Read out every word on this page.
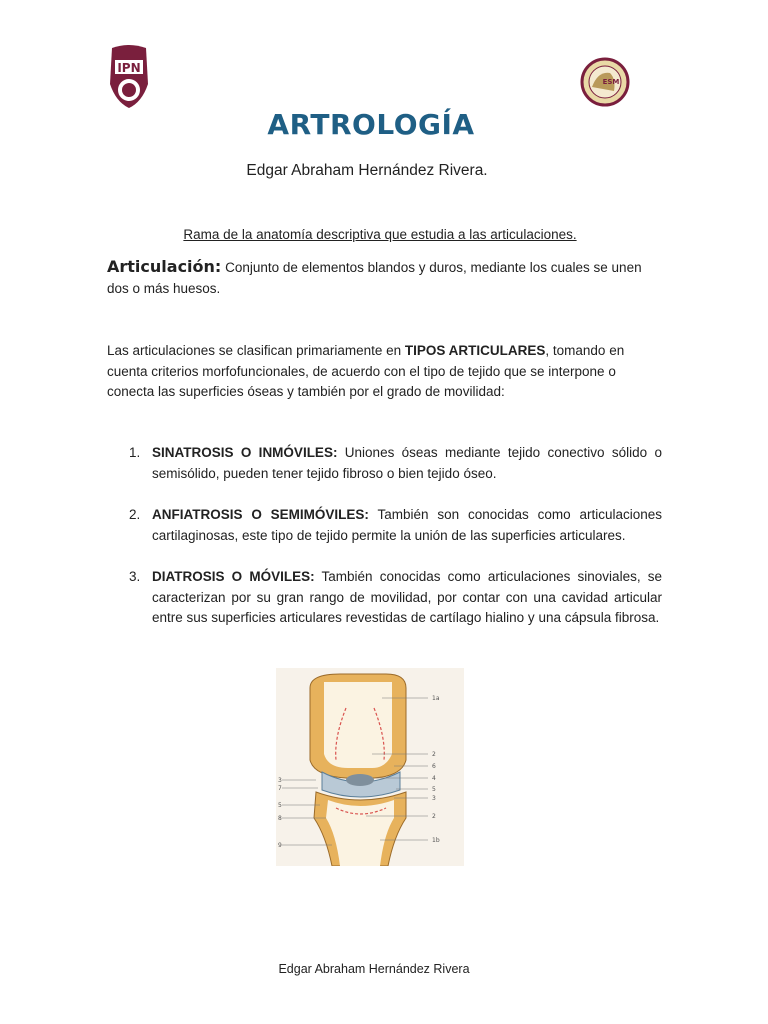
IPN
ESM
ARTROLOGÍA
Edgar Abraham Hernández Rivera.
Rama de la anatomía descriptiva que estudia a las articulaciones.
Articulación: Conjunto de elementos blandos y duros, mediante los cuales se unen dos o más huesos.
Las articulaciones se clasifican primariamente en TIPOS ARTICULARES, tomando en cuenta criterios morfofuncionales, de acuerdo con el tipo de tejido que se interpone o conecta las superficies óseas y también por el grado de movilidad:
1. SINATROSIS O INMÓVILES: Uniones óseas mediante tejido conectivo sólido o semisólido, pueden tener tejido fibroso o bien tejido óseo.
2. ANFIATROSIS O SEMIMÓVILES: También son conocidas como articulaciones cartilaginosas, este tipo de tejido permite la unión de las superficies articulares.
3. DIATROSIS O MÓVILES: También conocidas como articulaciones sinoviales, se caracterizan por su gran rango de movilidad, por contar con una cavidad articular entre sus superficies articulares revestidas de cartílago hialino y una cápsula fibrosa.
1a
2
6
4
5
3
2
1b
3
7
5
8
9
Edgar Abraham Hernández Rivera
